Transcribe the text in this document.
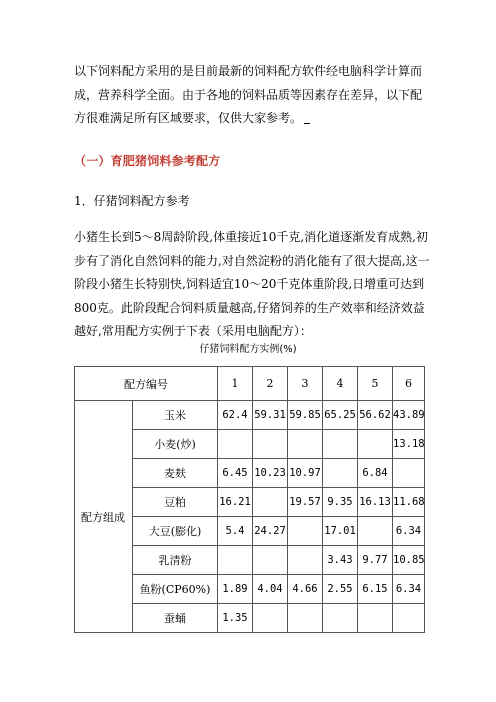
以下饲料配方采用的是目前最新的饲料配方软件经电脑科学计算而成，营养科学全面。由于各地的饲料品质等因素存在差异，以下配方很难满足所有区域要求，仅供大家参考。

（一）育肥猪饲料参考配方
1．仔猪饲料配方参考

小猪生长到5～8周龄阶段,体重接近10千克,消化道逐渐发育成熟,初步有了消化自然饲料的能力,对自然淀粉的消化能有了很大提高,这一阶段小猪生长特别快,饲料适宜10～20千克体重阶段,日增重可达到800克。此阶段配合饲料质量越高,仔猪饲养的生产效率和经济效益越好,常用配方实例于下表（采用电脑配方）：

仔猪饲料配方实例(%)
配方编号		1	2	3	4	5	6
配方组成	玉米	62.4	59.31	59.85	65.25	56.62	43.89
	小麦(炒)						13.18
	麦麸	6.45	10.23	10.97		6.84	
	豆粕	16.21		19.57	9.35	16.13	11.68
	大豆(膨化)	5.4	24.27		17.01		6.34
	乳清粉				3.43	9.77	10.85
	鱼粉(CP60%)	1.89	4.04	4.66	2.55	6.15	6.34
	蚕蛹	1.35					
